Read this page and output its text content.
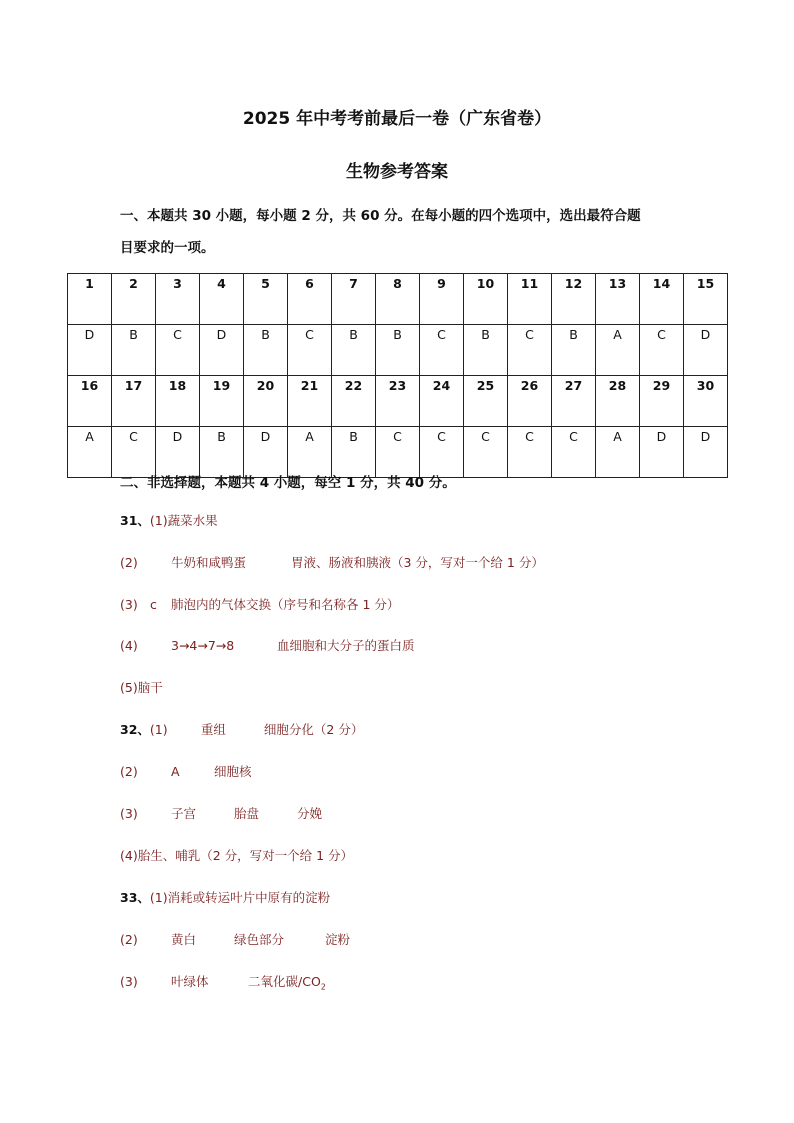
2025 年中考考前最后一卷（广东省卷）
生物参考答案
一、本题共 30 小题，每小题 2 分，共 60 分。在每小题的四个选项中，选出最符合题
目要求的一项。
1	2	3	4	5	6	7	8	9	10	11	12	13	14	15
D	B	C	D	B	C	B	B	C	B	C	B	A	C	D
16	17	18	19	20	21	22	23	24	25	26	27	28	29	30
A	C	D	B	D	A	B	C	C	C	C	C	A	D	D
二、非选择题，本题共 4 小题，每空 1 分，共 40 分。
31、(1)蔬菜水果
(2)	牛奶和咸鸭蛋	胃液、肠液和胰液（3 分，写对一个给 1 分）
(3) c 肺泡内的气体交换（序号和名称各 1 分）
(4)	3→4→7→8	血细胞和大分子的蛋白质
(5)脑干
32、(1)	重组	细胞分化（2 分）
(2)	A	细胞核
(3)	子宫	胎盘	分娩
(4)胎生、哺乳（2 分，写对一个给 1 分）
33、(1)消耗或转运叶片中原有的淀粉
(2)	黄白	绿色部分	淀粉
(3)	叶绿体	二氧化碳$/CO_2$
